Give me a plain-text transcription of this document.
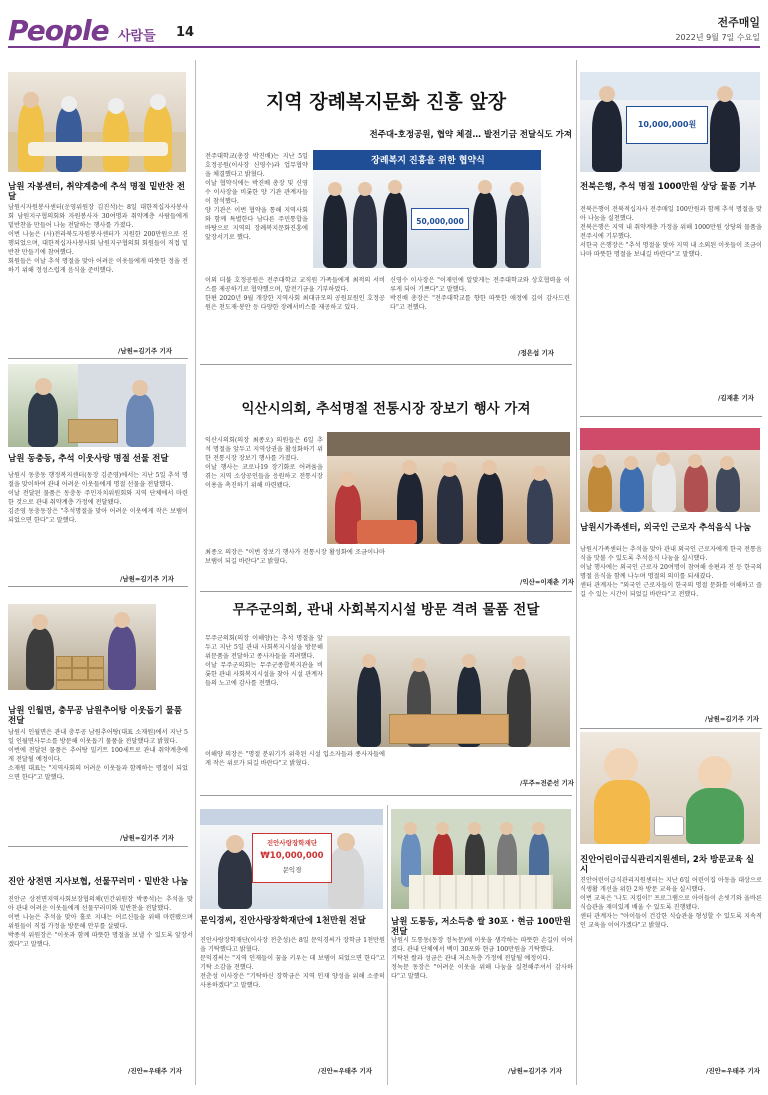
People 사람들 14
전주매일
2022년 9월 7일 수요일
남원 자봉센터, 취약계층에 추석 명절 밑반찬 전달

남원시자원봉사센터(운영위원장 김진석)는 8일 대한적십자사봉사회 남원지구협의회와 자원봉사자 30여명과 취약계층 사람들에게 밑반찬을 만들어 나눔 전달하는 행사를 가졌다.

이번 나눔은 (사)전라북도자원봉사센터가 지원한 200만원으로 진행되었으며, 대한적십자사봉사회 남원지구협의회 회원들이 직접 밑반찬 만들기에 참여했다.

회원들은 이날 추석 명절을 맞아 어려운 이웃들에게 따뜻한 정을 전하기 위해 정성스럽게 음식을 준비했다.

/남원=김기주 기자
남원 동충동, 추석 이웃사랑 명절 선물 전달

남원시 동충동 행정복지센터(동장 김준영)에서는 지난 5일 추석 명절을 맞이하여 관내 어려운 이웃들에게 명절 선물을 전달했다.

이날 전달된 물품은 동충동 주민자치위원회와 지역 단체에서 마련한 것으로 관내 취약계층 가정에 전달됐다.

김준영 동충동장은 "추석명절을 맞아 어려운 이웃에게 작은 보탬이 되었으면 한다"고 말했다.

/남원=김기주 기자
남원 인월면, 충무공 남원추어탕 이웃돕기 물품 전달

남원시 인월면은 관내 충무공 남원추어탕(대표 소재원)에서 지난 5일 인월면사무소를 방문해 이웃돕기 물품을 전달했다고 밝혔다.

이번에 전달된 물품은 추어탕 밀키트 100세트로 관내 취약계층에게 전달될 예정이다.

소재원 대표는 "지역사회의 어려운 이웃들과 함께하는 명절이 되었으면 한다"고 말했다.

/남원=김기주 기자
진안 상전면 지사보협, 선물꾸러미 · 밑반찬 나눔

진안군 상전면지역사회보장협의체(민간위원장 박종석)는 추석을 맞아 관내 어려운 이웃들에게 선물꾸러미와 밑반찬을 전달했다.

이번 나눔은 추석을 맞아 홀로 지내는 어르신들을 위해 마련됐으며 위원들이 직접 가정을 방문해 안부를 살폈다.

박종석 위원장은 "이웃과 함께 따뜻한 명절을 보낼 수 있도록 앞장서겠다"고 말했다.

/진안=우태주 기자
지역 장례복지문화 진흥 앞장
전주대-호정공원, 협약 체결… 발전기금 전달식도 가져

전주대학교(총장 박진배)는 지난 5일 호정공원(이사장 신영수)과 업무협약을 체결했다고 밝혔다.

이날 협약식에는 박진배 총장 및 신영수 이사장을 비롯한 양 기관 관계자들이 참석했다.

양 기관은 이번 협약을 통해 지역사회와 함께 특별한다 남다른 주민통합을 바탕으로 지역의 장례복지문화진흥에 앞장서기로 했다.

장례복지 진흥을 위한 협약식
50,000,000

이외 더불 호정공원은 전주대학교 교직원 가족들에게 최적의 서비스를 제공하기로 협약했으며, 발전기금을 기부하였다.

한편 2020년 9월 개장한 지역사회 최대규모의 공원묘원인 호정공원은 천도재·봉안 등 다양한 장례서비스를 제공하고 있다.

신영수 이사장은 "이재민에 알맞게는 전주대학교와 상호협력을 이루게 되어 기쁘다"고 말했다.

박진배 총장은 "전주대학교를 향한 따뜻한 애정에 깊이 감사드린다"고 전했다.

/정은섭 기자
익산시의회, 추석명절 전통시장 장보기 행사 가져

익산시의회(의장 최종오) 의원들은 6일 추석 명절을 앞두고 지역상권을 활성화하기 위한 전통시장 장보기 행사를 가졌다.

이날 행사는 코로나19 장기화로 어려움을 겪는 지역 소상공인들을 응원하고 전통시장 이용을 촉진하기 위해 마련됐다.

최종오 의장은 "이번 장보기 행사가 전통시장 활성화에 조금이나마 보탬이 되길 바란다"고 밝혔다.

/익산=이재춘 기자
무주군의회, 관내 사회복지시설 방문 격려 물품 전달

무주군의회(의장 이해양)는 추석 명절을 앞두고 지난 5일 관내 사회복지시설을 방문해 위문품을 전달하고 종사자들을 격려했다.

이날 무주군의회는 무주군종합복지관을 비롯한 관내 사회복지시설을 찾아 시설 관계자들의 노고에 감사를 전했다.

이해양 의장은 "명절 분위기가 위축된 시설 입소자들과 종사자들에게 작은 위로가 되길 바란다"고 밝혔다.

/무주=전준선 기자
진안사랑장학재단
₩10,000,000
문익경
문익경씨, 진안사랑장학재단에 1천만원 전달

진안사랑장학재단(이사장 전춘성)은 8일 문익경씨가 장학금 1천만원을 기탁했다고 밝혔다.

문익경씨는 "지역 인재들이 꿈을 키우는 데 보탬이 되었으면 한다"고 기탁 소감을 전했다.

전춘성 이사장은 "기탁하신 장학금은 지역 인재 양성을 위해 소중히 사용하겠다"고 말했다.

/진안=우태주 기자
남원 도통동, 저소득층 쌀 30포 · 현금 100만원 전달

남원시 도통동(동장 정녹문)에 이웃을 생각하는 따뜻한 손길이 이어졌다. 관내 단체에서 백미 30포와 현금 100만원을 기탁했다.

기탁된 쌀과 성금은 관내 저소득층 가정에 전달될 예정이다.

정녹문 동장은 "어려운 이웃을 위해 나눔을 실천해주셔서 감사하다"고 말했다.

/남원=김기주 기자
10,000,000원
전북은행, 추석 명절 1000만원 상당 물품 기부

전북은행이 전북적십자사 전주매일 100만원과 함께 추석 명절을 맞아 나눔을 실천했다.

전북은행은 지역 내 취약계층 가정을 위해 1000만원 상당의 물품을 전주시에 기부했다.

서한국 은행장은 "추석 명절을 맞아 지역 내 소외된 이웃들이 조금이나마 따뜻한 명절을 보내길 바란다"고 말했다.

/김재훈 기자
남원시가족센터, 외국인 근로자 추석음식 나눔

남원시가족센터는 추석을 맞아 관내 외국인 근로자에게 한국 전통음식을 맛볼 수 있도록 추석음식 나눔을 실시했다.

이날 행사에는 외국인 근로자 20여명이 참여해 송편과 전 등 한국의 명절 음식을 함께 나누며 명절의 의미를 되새겼다.

센터 관계자는 "외국인 근로자들이 한국의 명절 문화를 이해하고 즐길 수 있는 시간이 되었길 바란다"고 전했다.

/남원=김기주 기자
진안어린이급식관리지원센터, 2차 방문교육 실시

진안어린이급식관리지원센터는 지난 6일 어린이집 아동을 대상으로 식생활 개선을 위한 2차 방문 교육을 실시했다.

이번 교육은 '나도 지킴이!' 프로그램으로 아이들이 손씻기와 올바른 식습관을 재미있게 배울 수 있도록 진행됐다.

센터 관계자는 "아이들이 건강한 식습관을 형성할 수 있도록 지속적인 교육을 이어가겠다"고 밝혔다.

/진안=우태주 기자
